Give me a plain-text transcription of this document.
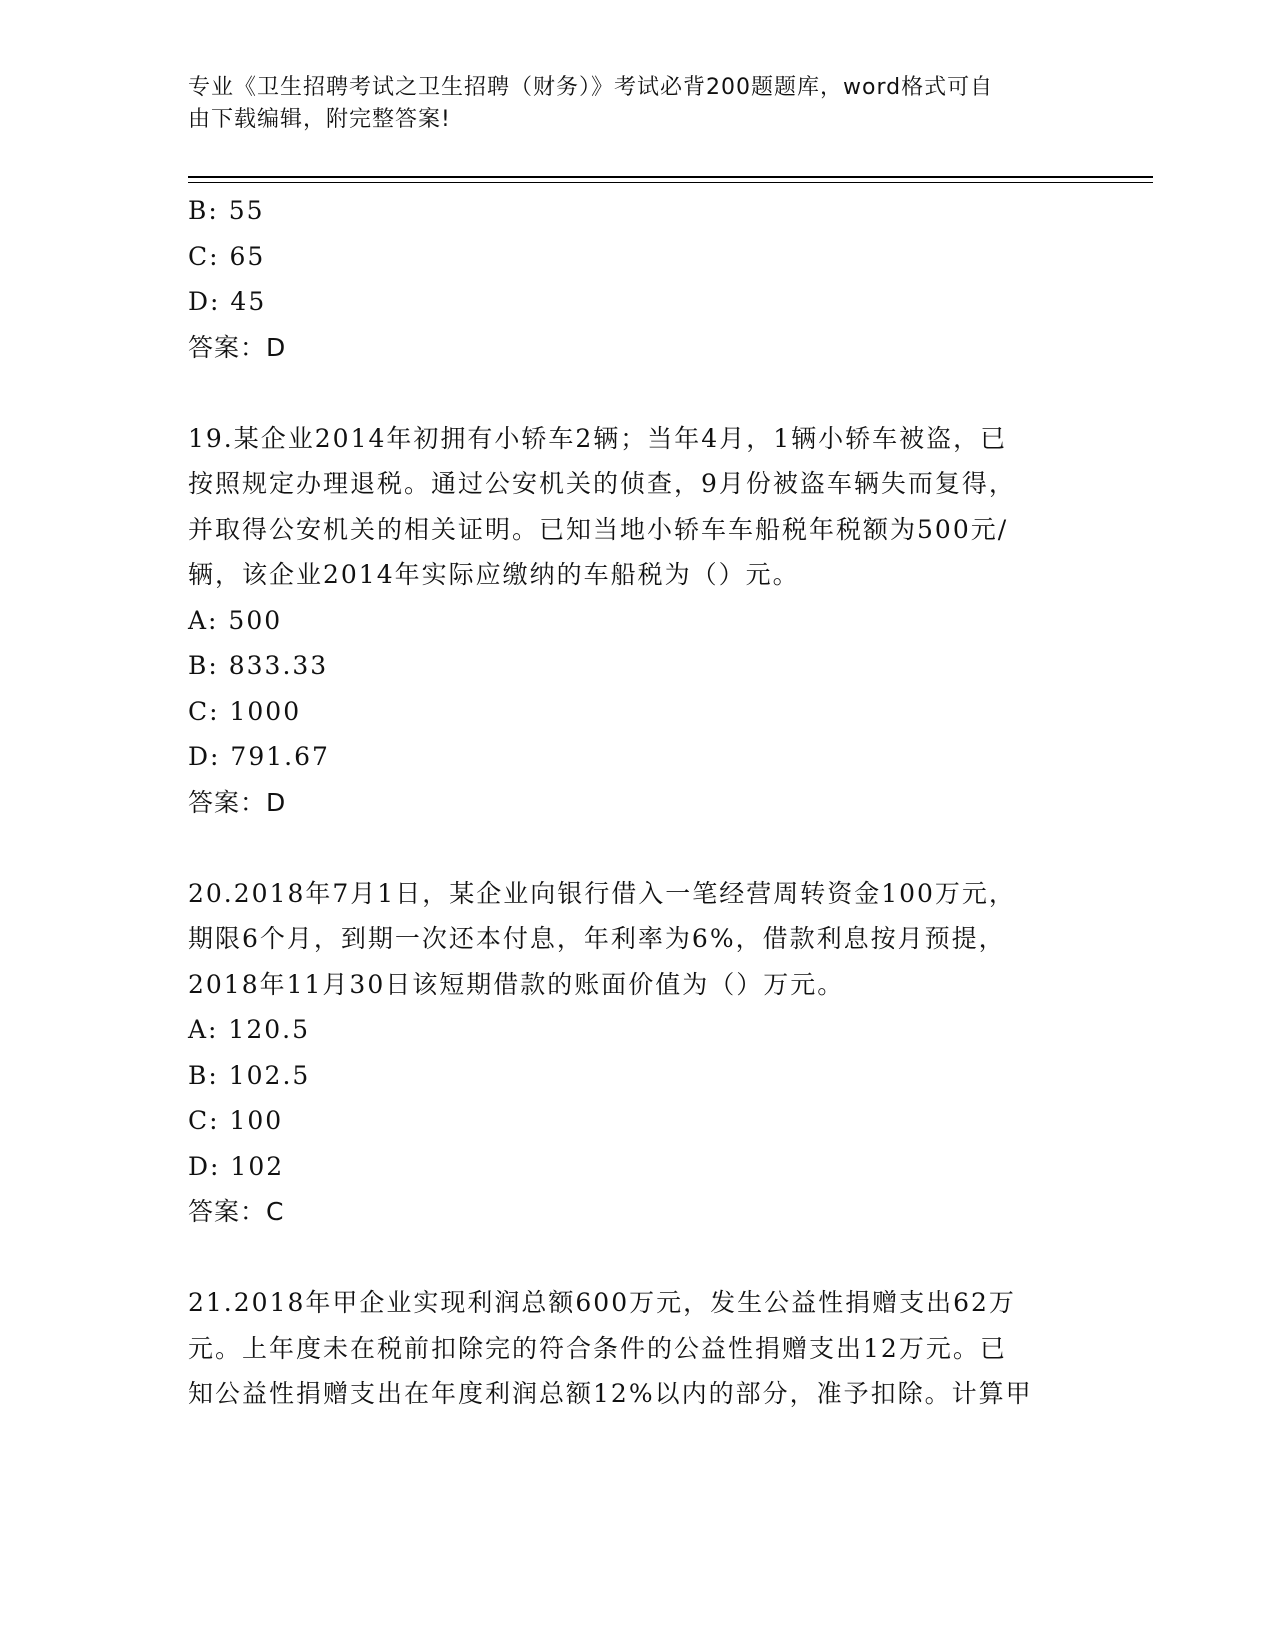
专业《卫生招聘考试之卫生招聘（财务）》考试必背200题题库，word格式可自
由下载编辑，附完整答案!
B: 55
C: 65
D: 45
答案：D
19.某企业2014年初拥有小轿车2辆；当年4月，1辆小轿车被盗，已
按照规定办理退税。通过公安机关的侦查，9月份被盗车辆失而复得，
并取得公安机关的相关证明。已知当地小轿车车船税年税额为500元/
辆，该企业2014年实际应缴纳的车船税为（）元。
A: 500
B: 833.33
C: 1000
D: 791.67
答案：D
20.2018年7月1日，某企业向银行借入一笔经营周转资金100万元，
期限6个月，到期一次还本付息，年利率为6%，借款利息按月预提，
2018年11月30日该短期借款的账面价值为（）万元。
A: 120.5
B: 102.5
C: 100
D: 102
答案：C
21.2018年甲企业实现利润总额600万元，发生公益性捐赠支出62万
元。上年度未在税前扣除完的符合条件的公益性捐赠支出12万元。已
知公益性捐赠支出在年度利润总额12%以内的部分，准予扣除。计算甲
